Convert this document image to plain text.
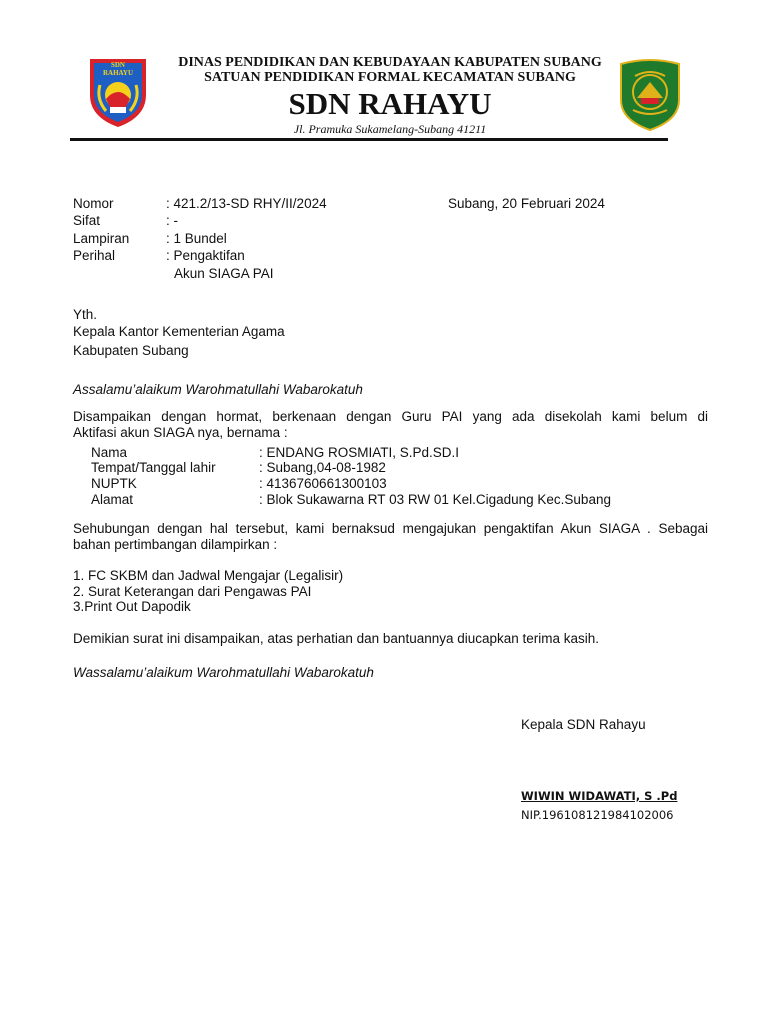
SDN
RAHAYU
DINAS PENDIDIKAN DAN KEBUDAYAAN KABUPATEN SUBANG
SATUAN PENDIDIKAN FORMAL KECAMATAN SUBANG
SDN RAHAYU
Jl. Pramuka Sukamelang-Subang 41211
Nomor	: 421.2/13-SD RHY/II/2024	Subang, 20 Februari 2024
Sifat	: -
Lampiran	: 1 Bundel
Perihal	: Pengaktifan
Akun SIAGA PAI
Yth.
Kepala Kantor Kementerian Agama
Kabupaten Subang
Assalamu’alaikum Warohmatullahi Wabarokatuh
Disampaikan dengan hormat, berkenaan dengan Guru PAI yang ada disekolah kami belum di
Aktifasi akun SIAGA nya, bernama :
Nama	: ENDANG ROSMIATI, S.Pd.SD.I
Tempat/Tanggal lahir	: Subang,04-08-1982
NUPTK	: 4136760661300103
Alamat	: Blok Sukawarna RT 03 RW 01 Kel.Cigadung Kec.Subang
Sehubungan dengan hal tersebut, kami bernaksud mengajukan pengaktifan Akun SIAGA . Sebagai
bahan pertimbangan dilampirkan :
1. FC SKBM dan Jadwal Mengajar (Legalisir)
2. Surat Keterangan dari Pengawas PAI
3.Print Out Dapodik
Demikian surat ini disampaikan, atas perhatian dan bantuannya diucapkan terima kasih.
Wassalamu’alaikum Warohmatullahi Wabarokatuh
Kepala SDN Rahayu
WIWIN WIDAWATI, S .Pd
NIP.196108121984102006
